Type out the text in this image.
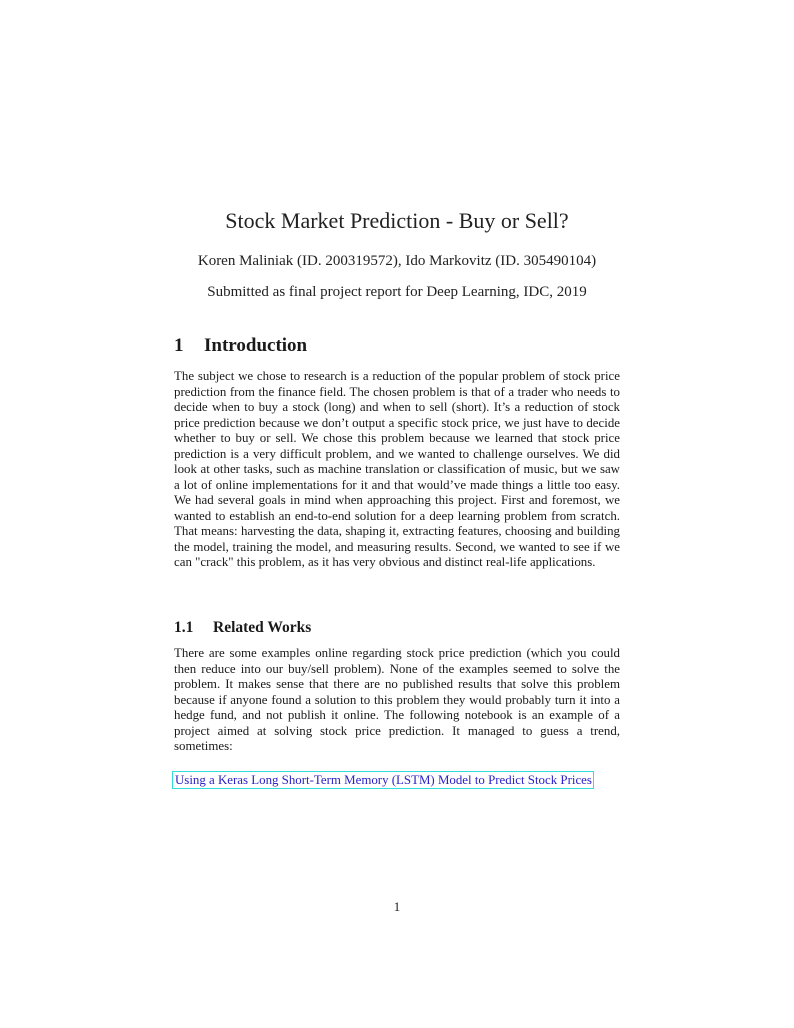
Stock Market Prediction - Buy or Sell?
Koren Maliniak (ID. 200319572), Ido Markovitz (ID. 305490104)
Submitted as final project report for Deep Learning, IDC, 2019
1 Introduction
The subject we chose to research is a reduction of the popular problem of stock price prediction from the finance field. The chosen problem is that of a trader who needs to decide when to buy a stock (long) and when to sell (short). It’s a reduction of stock price prediction because we don’t output a specific stock price, we just have to decide whether to buy or sell. We chose this problem because we learned that stock price prediction is a very difficult problem, and we wanted to challenge ourselves. We did look at other tasks, such as machine translation or classification of music, but we saw a lot of online implementations for it and that would’ve made things a little too easy. We had several goals in mind when approaching this project. First and foremost, we wanted to establish an end-to-end solution for a deep learning problem from scratch. That means: harvesting the data, shaping it, extracting features, choosing and building the model, training the model, and measuring results. Second, we wanted to see if we can "crack" this problem, as it has very obvious and distinct real-life applications.
1.1 Related Works
There are some examples online regarding stock price prediction (which you could then reduce into our buy/sell problem). None of the examples seemed to solve the problem. It makes sense that there are no published results that solve this problem because if anyone found a solution to this problem they would probably turn it into a hedge fund, and not publish it online. The following notebook is an example of a project aimed at solving stock price prediction. It managed to guess a trend, sometimes:
Using a Keras Long Short-Term Memory (LSTM) Model to Predict Stock Prices
1
